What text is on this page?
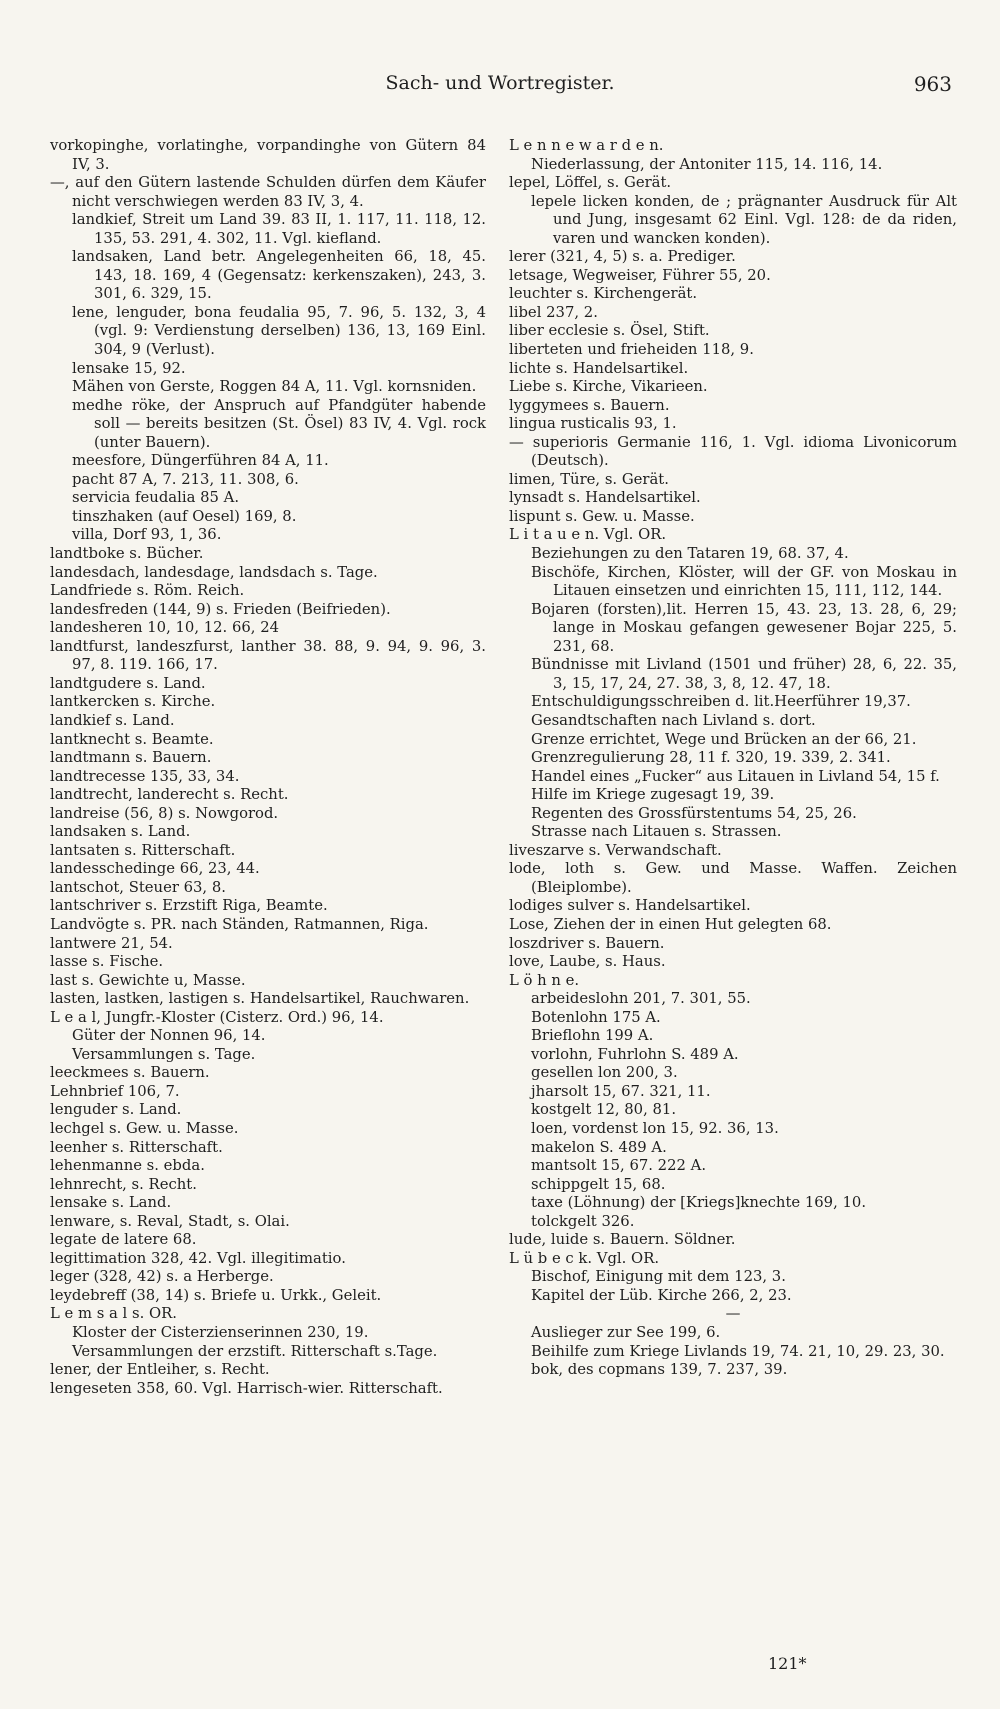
Sach- und Wortregister.	963

vorkopinghe, vorlatinghe, vorpandinghe von Gütern 84 IV, 3.

—, auf den Gütern lastende Schulden dürfen dem Käufer nicht verschwiegen werden 83 IV, 3, 4.

landkief, Streit um Land 39. 83 II, 1. 117, 11. 118, 12. 135, 53. 291, 4. 302, 11. Vgl. kiefland.

landsaken, Land betr. Angelegenheiten 66, 18, 45. 143, 18. 169, 4 (Gegensatz: kerkenszaken), 243, 3. 301, 6. 329, 15.

lene, lenguder, bona feudalia 95, 7. 96, 5. 132, 3, 4 (vgl. 9: Verdienstung derselben) 136, 13, 169 Einl. 304, 9 (Verlust).

lensake 15, 92.

Mähen von Gerste, Roggen 84 A, 11. Vgl. kornsniden.

medhe röke, der Anspruch auf Pfandgüter habende soll — bereits besitzen (St. Ösel) 83 IV, 4. Vgl. rock (unter Bauern).

meesfore, Düngerführen 84 A, 11.

pacht 87 A, 7. 213, 11. 308, 6.

servicia feudalia 85 A.

tinszhaken (auf Oesel) 169, 8.

villa, Dorf 93, 1, 36.

landtboke s. Bücher.

landesdach, landesdage, landsdach s. Tage.

Landfriede s. Röm. Reich.

landesfreden (144, 9) s. Frieden (Beifrieden).

landesheren 10, 10, 12. 66, 24

landtfurst, landeszfurst, lanther 38. 88, 9. 94, 9. 96, 3. 97, 8. 119. 166, 17.

landtgudere s. Land.

lantkercken s. Kirche.

landkief s. Land.

lantknecht s. Beamte.

landtmann s. Bauern.

landtrecesse 135, 33, 34.

landtrecht, landerecht s. Recht.

landreise (56, 8) s. Nowgorod.

landsaken s. Land.

lantsaten s. Ritterschaft.

landesschedinge 66, 23, 44.

lantschot, Steuer 63, 8.

lantschriver s. Erzstift Riga, Beamte.

Landvögte s. PR. nach Ständen, Ratmannen, Riga.

lantwere 21, 54.

lasse s. Fische.

last s. Gewichte u, Masse.

lasten, lastken, lastigen s. Handelsartikel, Rauchwaren.

L e a l, Jungfr.-Kloster (Cisterz. Ord.) 96, 14.

Güter der Nonnen 96, 14.

Versammlungen s. Tage.

leeckmees s. Bauern.

Lehnbrief 106, 7.

lenguder s. Land.

lechgel s. Gew. u. Masse.

leenher s. Ritterschaft.

lehenmanne s. ebda.

lehnrecht, s. Recht.

lensake s. Land.

lenware, s. Reval, Stadt, s. Olai.

legate de latere 68.

legittimation 328, 42. Vgl. illegitimatio.

leger (328, 42) s. a Herberge.

leydebreff (38, 14) s. Briefe u. Urkk., Geleit.

L e m s a l s. OR.

Kloster der Cisterzienserinnen 230, 19.

Versammlungen der erzstift. Ritterschaft s.Tage.

lener, der Entleiher, s. Recht.

lengeseten 358, 60. Vgl. Harrisch-wier. Ritterschaft.

L e n n e w a r d e n.

Niederlassung, der Antoniter 115, 14. 116, 14.

lepel, Löffel, s. Gerät.

lepele licken konden, de ; prägnanter Ausdruck für Alt und Jung, insgesamt 62 Einl. Vgl. 128: de da riden, varen und wancken konden).

lerer (321, 4, 5) s. a. Prediger.

letsage, Wegweiser, Führer 55, 20.

leuchter s. Kirchengerät.

libel 237, 2.

liber ecclesie s. Ösel, Stift.

liberteten und frieheiden 118, 9.

lichte s. Handelsartikel.

Liebe s. Kirche, Vikarieen.

lyggymees s. Bauern.

lingua rusticalis 93, 1.

— superioris Germanie 116, 1. Vgl. idioma Livonicorum (Deutsch).

limen, Türe, s. Gerät.

lynsadt s. Handelsartikel.

lispunt s. Gew. u. Masse.

L i t a u e n. Vgl. OR.

Beziehungen zu den Tataren 19, 68. 37, 4.

Bischöfe, Kirchen, Klöster, will der GF. von Moskau in Litauen einsetzen und einrichten 15, 111, 112, 144.

Bojaren (forsten),lit. Herren 15, 43. 23, 13. 28, 6, 29; lange in Moskau gefangen gewesener Bojar 225, 5. 231, 68.

Bündnisse mit Livland (1501 und früher) 28, 6, 22. 35, 3, 15, 17, 24, 27. 38, 3, 8, 12. 47, 18.

Entschuldigungsschreiben d. lit.Heerführer 19,37.

Gesandtschaften nach Livland s. dort.

Grenze errichtet, Wege und Brücken an der 66, 21.

Grenzregulierung 28, 11 f. 320, 19. 339, 2. 341.

Handel eines „Fucker“ aus Litauen in Livland 54, 15 f.

Hilfe im Kriege zugesagt 19, 39.

Regenten des Grossfürstentums 54, 25, 26.

Strasse nach Litauen s. Strassen.

liveszarve s. Verwandschaft.

lode, loth s. Gew. und Masse. Waffen. Zeichen (Bleiplombe).

lodiges sulver s. Handelsartikel.

Lose, Ziehen der in einen Hut gelegten 68.

loszdriver s. Bauern.

love, Laube, s. Haus.

L ö h n e.

arbeideslohn 201, 7. 301, 55.

Botenlohn 175 A.

Brieflohn 199 A.

vorlohn, Fuhrlohn S. 489 A.

gesellen lon 200, 3.

jharsolt 15, 67. 321, 11.

kostgelt 12, 80, 81.

loen, vordenst lon 15, 92. 36, 13.

makelon S. 489 A.

mantsolt 15, 67. 222 A.

schippgelt 15, 68.

taxe (Löhnung) der [Kriegs]knechte 169, 10.

tolckgelt 326.

lude, luide s. Bauern. Söldner.

L ü b e c k. Vgl. OR.

Bischof, Einigung mit dem 123, 3.

Kapitel der Lüb. Kirche 266, 2, 23.

—

Auslieger zur See 199, 6.

Beihilfe zum Kriege Livlands 19, 74. 21, 10, 29. 23, 30.

bok, des copmans 139, 7. 237, 39.

121*
